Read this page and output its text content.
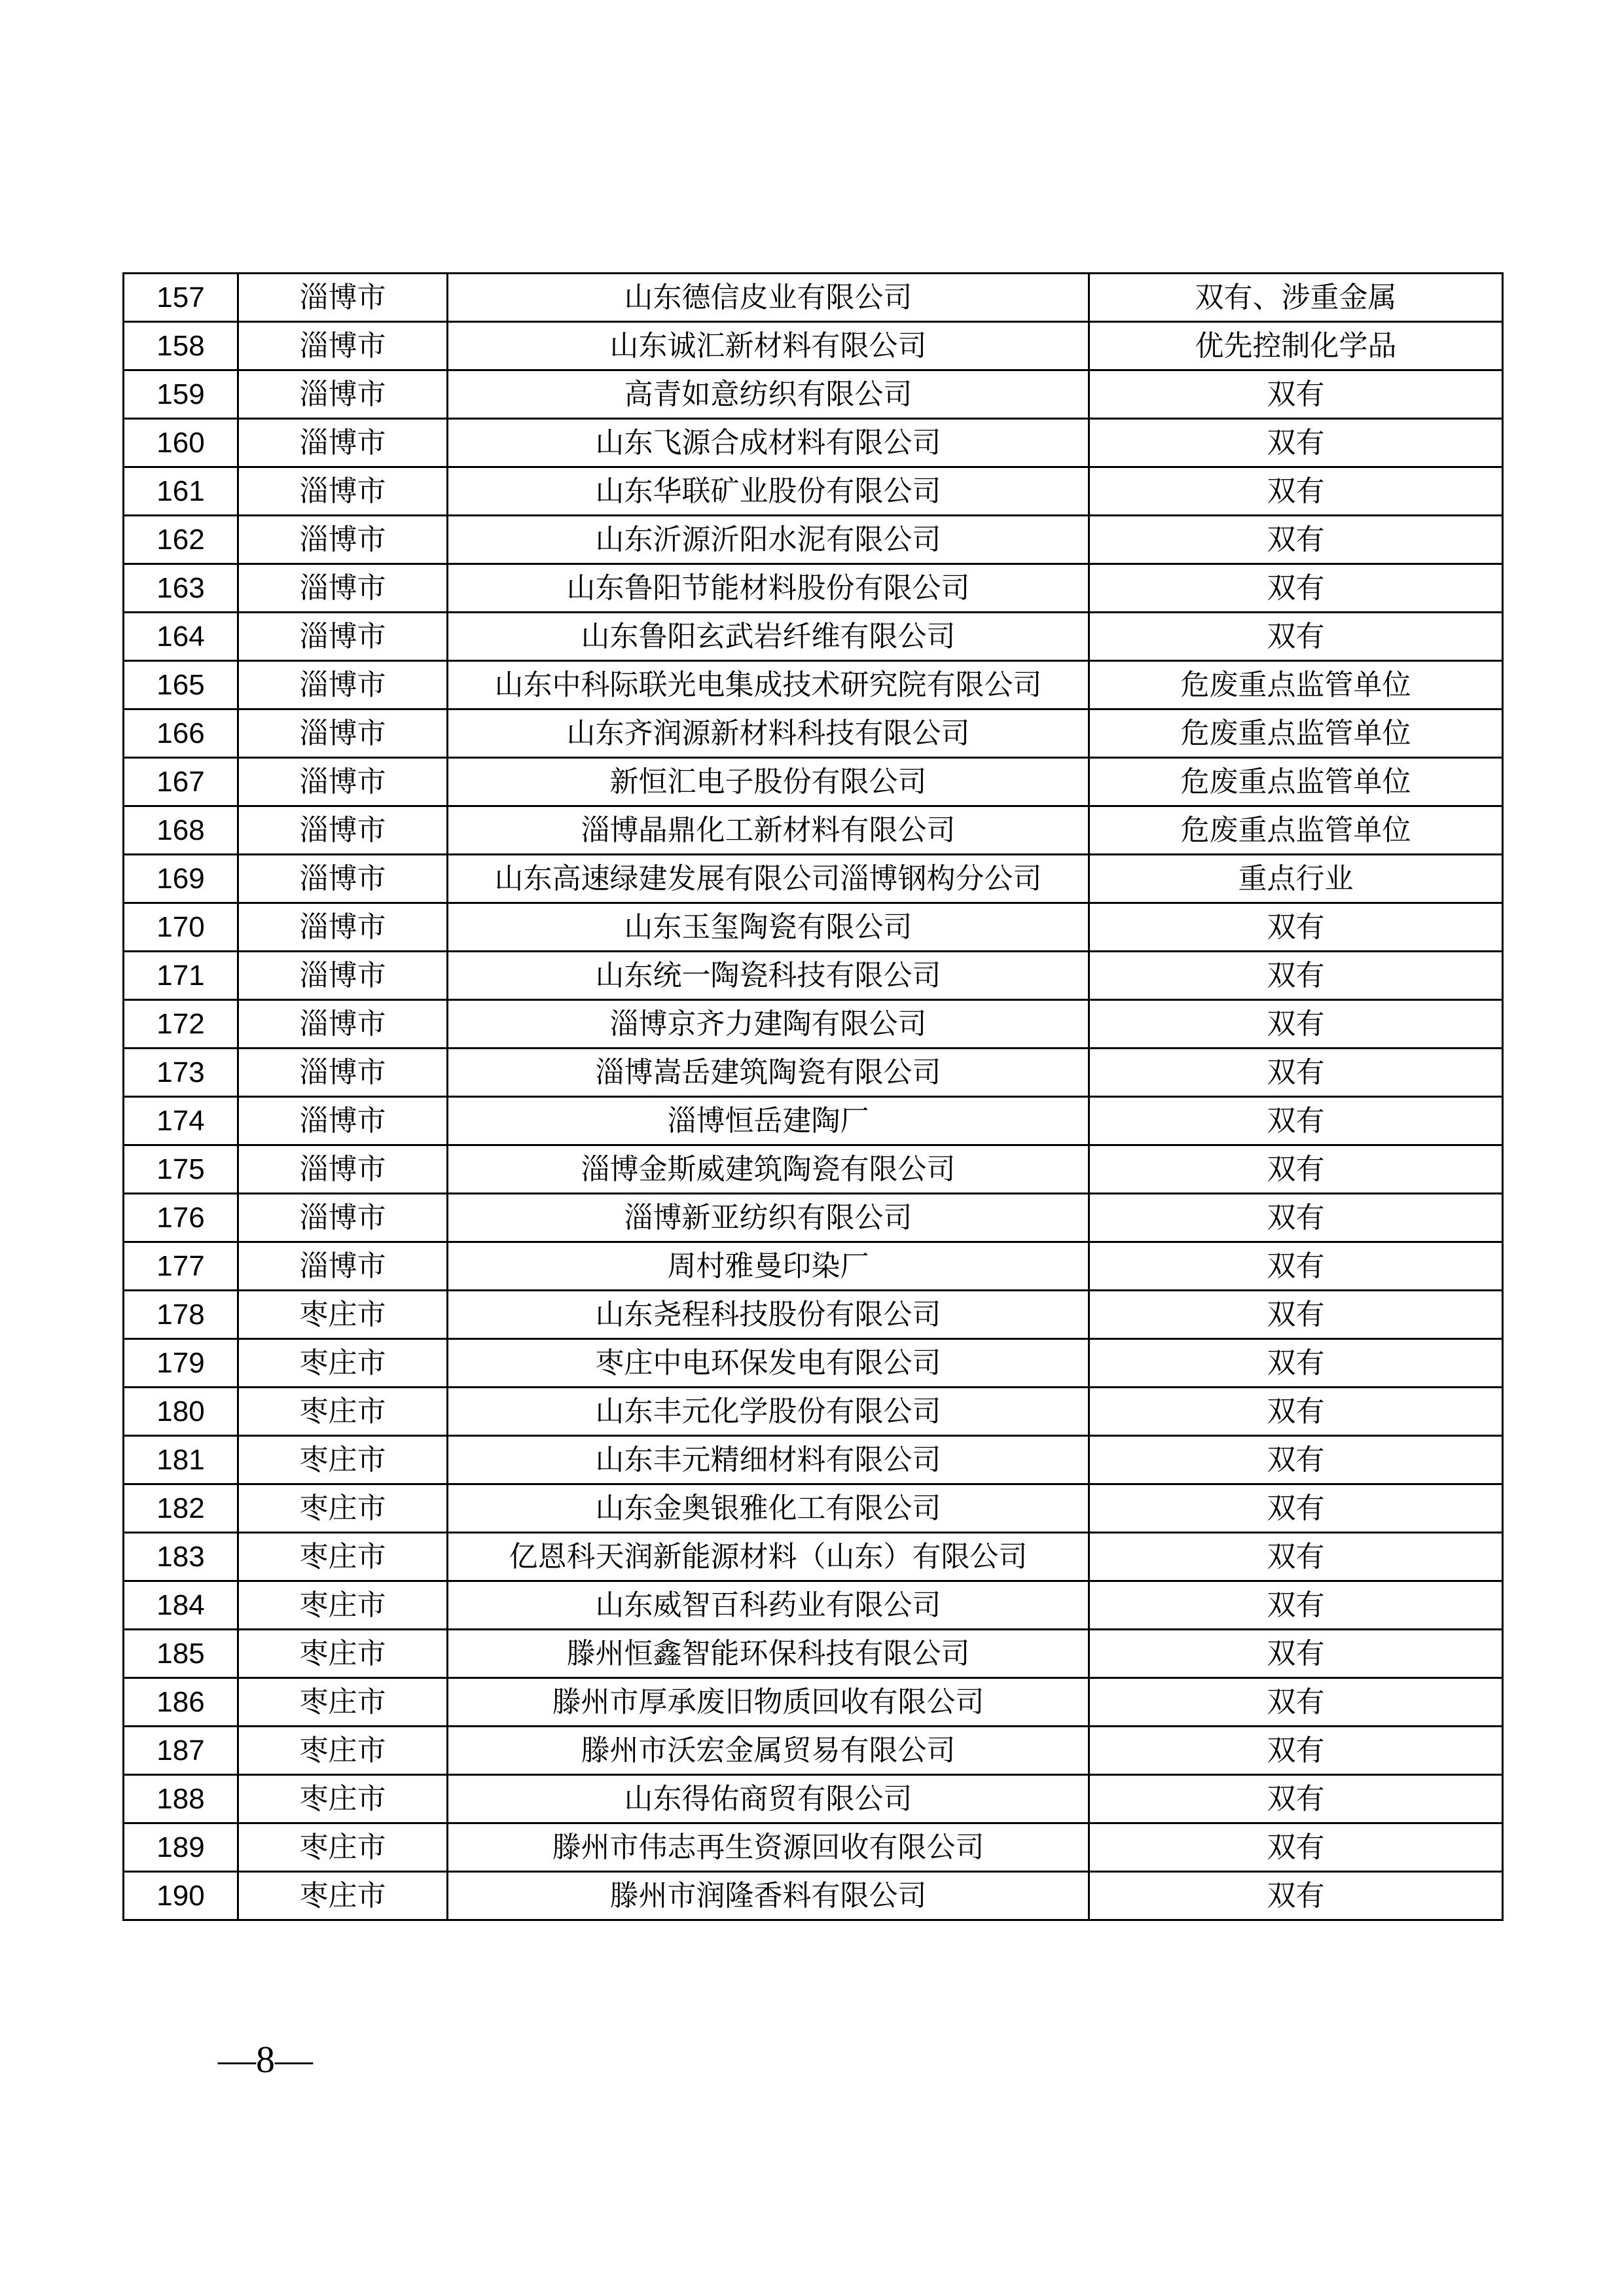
157	淄博市	山东德信皮业有限公司	双有、涉重金属
158	淄博市	山东诚汇新材料有限公司	优先控制化学品
159	淄博市	高青如意纺织有限公司	双有
160	淄博市	山东飞源合成材料有限公司	双有
161	淄博市	山东华联矿业股份有限公司	双有
162	淄博市	山东沂源沂阳水泥有限公司	双有
163	淄博市	山东鲁阳节能材料股份有限公司	双有
164	淄博市	山东鲁阳玄武岩纤维有限公司	双有
165	淄博市	山东中科际联光电集成技术研究院有限公司	危废重点监管单位
166	淄博市	山东齐润源新材料科技有限公司	危废重点监管单位
167	淄博市	新恒汇电子股份有限公司	危废重点监管单位
168	淄博市	淄博晶鼎化工新材料有限公司	危废重点监管单位
169	淄博市	山东高速绿建发展有限公司淄博钢构分公司	重点行业
170	淄博市	山东玉玺陶瓷有限公司	双有
171	淄博市	山东统一陶瓷科技有限公司	双有
172	淄博市	淄博京齐力建陶有限公司	双有
173	淄博市	淄博嵩岳建筑陶瓷有限公司	双有
174	淄博市	淄博恒岳建陶厂	双有
175	淄博市	淄博金斯威建筑陶瓷有限公司	双有
176	淄博市	淄博新亚纺织有限公司	双有
177	淄博市	周村雅曼印染厂	双有
178	枣庄市	山东尧程科技股份有限公司	双有
179	枣庄市	枣庄中电环保发电有限公司	双有
180	枣庄市	山东丰元化学股份有限公司	双有
181	枣庄市	山东丰元精细材料有限公司	双有
182	枣庄市	山东金奥银雅化工有限公司	双有
183	枣庄市	亿恩科天润新能源材料（山东）有限公司	双有
184	枣庄市	山东威智百科药业有限公司	双有
185	枣庄市	滕州恒鑫智能环保科技有限公司	双有
186	枣庄市	滕州市厚承废旧物质回收有限公司	双有
187	枣庄市	滕州市沃宏金属贸易有限公司	双有
188	枣庄市	山东得佑商贸有限公司	双有
189	枣庄市	滕州市伟志再生资源回收有限公司	双有
190	枣庄市	滕州市润隆香料有限公司	双有
—8—
